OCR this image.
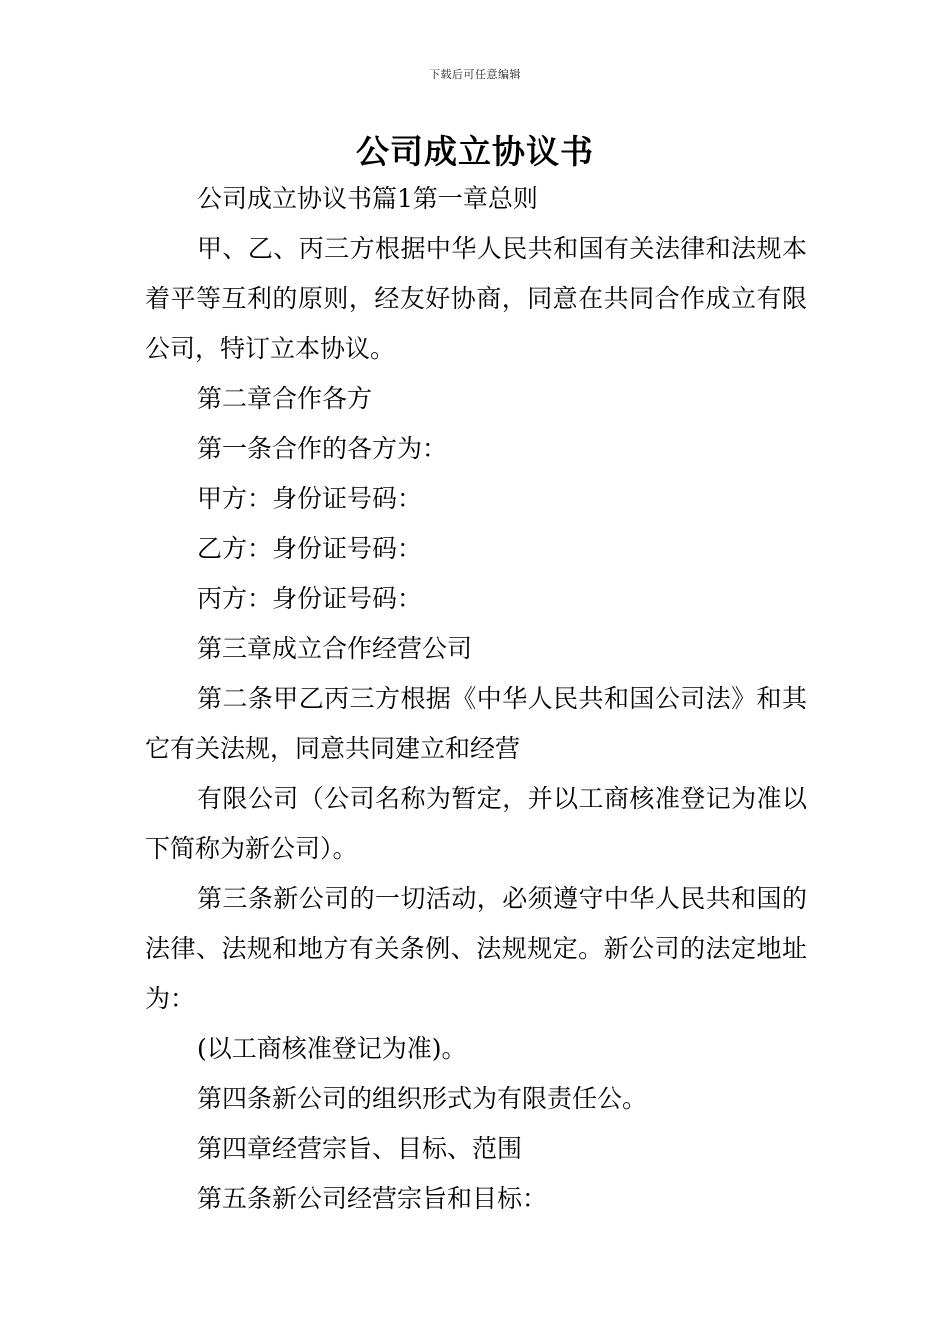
下载后可任意编辑
公司成立协议书

公司成立协议书篇1第一章总则

甲、乙、丙三方根据中华人民共和国有关法律和法规本着平等互利的原则，经友好协商，同意在共同合作成立有限公司，特订立本协议。

第二章合作各方

第一条合作的各方为：

甲方：身份证号码：

乙方：身份证号码：

丙方：身份证号码：

第三章成立合作经营公司

第二条甲乙丙三方根据《中华人民共和国公司法》和其它有关法规，同意共同建立和经营

有限公司（公司名称为暂定，并以工商核准登记为准以下简称为新公司）。

第三条新公司的一切活动，必须遵守中华人民共和国的法律、法规和地方有关条例、法规规定。新公司的法定地址为：

(以工商核准登记为准)。

第四条新公司的组织形式为有限责任公。

第四章经营宗旨、目标、范围

第五条新公司经营宗旨和目标：
